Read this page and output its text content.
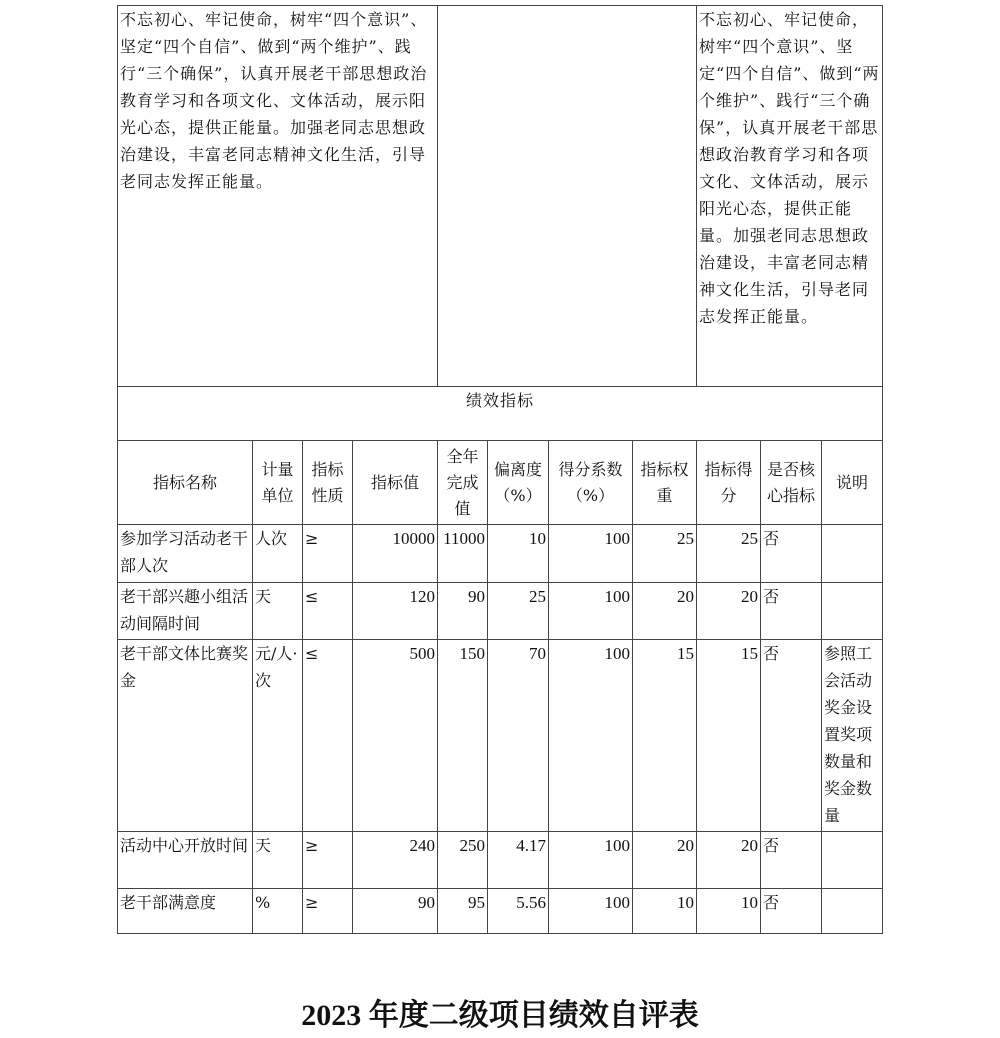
不忘初心、牢记使命，树牢“四个意识”、坚定“四个自信”、做到“两个维护”、践行“三个确保”，认真开展老干部思想政治教育学习和各项文化、文体活动，展示阳光心态，提供正能量。加强老同志思想政治建设，丰富老同志精神文化生活，引导老同志发挥正能量。								不忘初心、牢记使命，树牢“四个意识”、坚定“四个自信”、做到“两个维护”、践行“三个确保”，认真开展老干部思想政治教育学习和各项文化、文体活动，展示阳光心态，提供正能量。加强老同志思想政治建设，丰富老同志精神文化生活，引导老同志发挥正能量。		
绩效指标										
指标名称	计量单位	指标性质	指标值	全年完成值	偏离度（%）	得分系数（%）	指标权重	指标得分	是否核心指标	说明
参加学习活动老干部人次	人次	≥	10000	11000	10	100	25	25	否	
老干部兴趣小组活动间隔时间	天	≤	120	90	25	100	20	20	否	
老干部文体比赛奖金	元/人·次	≤	500	150	70	100	15	15	否	参照工会活动奖金设置奖项数量和奖金数量
活动中心开放时间	天	≥	240	250	4.17	100	20	20	否	
老干部满意度	%	≥	90	95	5.56	100	10	10	否	
2023 年度二级项目绩效自评表
